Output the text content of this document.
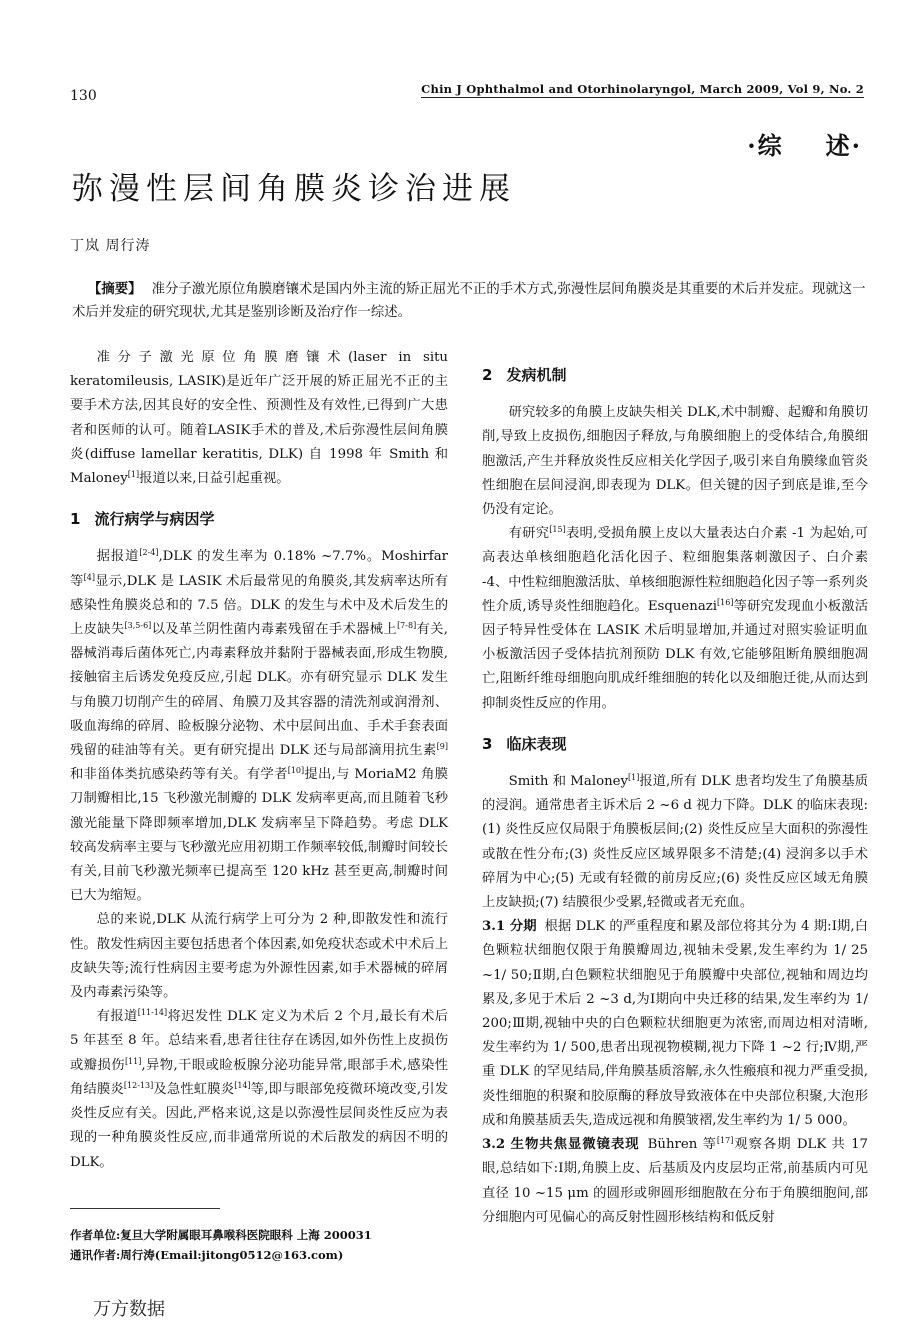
130	Chin J Ophthalmol and Otorhinolaryngol, March 2009, Vol 9, No. 2
·综 述·
弥漫性层间角膜炎诊治进展
丁岚 周行涛
【摘要】 准分子激光原位角膜磨镶术是国内外主流的矫正屈光不正的手术方式,弥漫性层间角膜炎是其重要的术后并发症。现就这一术后并发症的研究现状,尤其是鉴别诊断及治疗作一综述。

准分子激光原位角膜磨镶术(laser in situ keratomileusis, LASIK)是近年广泛开展的矫正屈光不正的主要手术方法,因其良好的安全性、预测性及有效性,已得到广大患者和医师的认可。随着LASIK手术的普及,术后弥漫性层间角膜炎(diffuse lamellar keratitis, DLK) 自 1998 年 Smith 和 Maloney[1]报道以来,日益引起重视。

1 流行病学与病因学

据报道[2-4],DLK 的发生率为 0.18% ~7.7%。Moshirfar 等[4]显示,DLK 是 LASIK 术后最常见的角膜炎,其发病率达所有感染性角膜炎总和的 7.5 倍。DLK 的发生与术中及术后发生的上皮缺失[3,5-6]以及革兰阴性菌内毒素残留在手术器械上[7-8]有关,器械消毒后菌体死亡,内毒素释放并黏附于器械表面,形成生物膜,接触宿主后诱发免疫反应,引起 DLK。亦有研究显示 DLK 发生与角膜刀切削产生的碎屑、角膜刀及其容器的清洗剂或润滑剂、吸血海绵的碎屑、睑板腺分泌物、术中层间出血、手术手套表面残留的硅油等有关。更有研究提出 DLK 还与局部滴用抗生素[9]和非甾体类抗感染药等有关。有学者[10]提出,与 MoriaM2 角膜刀制瓣相比,15 飞秒激光制瓣的 DLK 发病率更高,而且随着飞秒激光能量下降即频率增加,DLK 发病率呈下降趋势。考虑 DLK 较高发病率主要与飞秒激光应用初期工作频率较低,制瓣时间较长有关,目前飞秒激光频率已提高至 120 kHz 甚至更高,制瓣时间已大为缩短。

总的来说,DLK 从流行病学上可分为 2 种,即散发性和流行性。散发性病因主要包括患者个体因素,如免疫状态或术中术后上皮缺失等;流行性病因主要考虑为外源性因素,如手术器械的碎屑及内毒素污染等。

有报道[11-14]将迟发性 DLK 定义为术后 2 个月,最长有术后 5 年甚至 8 年。总结来看,患者往往存在诱因,如外伤性上皮损伤或瓣损伤[11],异物,干眼或睑板腺分泌功能异常,眼部手术,感染性角结膜炎[12-13]及急性虹膜炎[14]等,即与眼部免疫微环境改变,引发炎性反应有关。因此,严格来说,这是以弥漫性层间炎性反应为表现的一种角膜炎性反应,而非通常所说的术后散发的病因不明的 DLK。

2 发病机制

研究较多的角膜上皮缺失相关 DLK,术中制瓣、起瓣和角膜切削,导致上皮损伤,细胞因子释放,与角膜细胞上的受体结合,角膜细胞激活,产生并释放炎性反应相关化学因子,吸引来自角膜缘血管炎性细胞在层间浸润,即表现为 DLK。但关键的因子到底是谁,至今仍没有定论。

有研究[15]表明,受损角膜上皮以大量表达白介素 -1 为起始,可高表达单核细胞趋化活化因子、粒细胞集落刺激因子、白介素 -4、中性粒细胞激活肽、单核细胞源性粒细胞趋化因子等一系列炎性介质,诱导炎性细胞趋化。Esquenazi[16]等研究发现血小板激活因子特异性受体在 LASIK 术后明显增加,并通过对照实验证明血小板激活因子受体拮抗剂预防 DLK 有效,它能够阻断角膜细胞凋亡,阻断纤维母细胞向肌成纤维细胞的转化以及细胞迁徙,从而达到抑制炎性反应的作用。

3 临床表现

Smith 和 Maloney[1]报道,所有 DLK 患者均发生了角膜基质的浸润。通常患者主诉术后 2 ~6 d 视力下降。DLK 的临床表现:(1) 炎性反应仅局限于角膜板层间;(2) 炎性反应呈大面积的弥漫性或散在性分布;(3) 炎性反应区域界限多不清楚;(4) 浸润多以手术碎屑为中心;(5) 无或有轻微的前房反应;(6) 炎性反应区域无角膜上皮缺损;(7) 结膜很少受累,轻微或者无充血。

3.1 分期 根据 DLK 的严重程度和累及部位将其分为 4 期:Ⅰ期,白色颗粒状细胞仅限于角膜瓣周边,视轴未受累,发生率约为 1/ 25 ~1/ 50;Ⅱ期,白色颗粒状细胞见于角膜瓣中央部位,视轴和周边均累及,多见于术后 2 ~3 d,为Ⅰ期向中央迁移的结果,发生率约为 1/ 200;Ⅲ期,视轴中央的白色颗粒状细胞更为浓密,而周边相对清晰,发生率约为 1/ 500,患者出现视物模糊,视力下降 1 ~2 行;Ⅳ期,严重 DLK 的罕见结局,伴角膜基质溶解,永久性瘢痕和视力严重受损,炎性细胞的积聚和胶原酶的释放导致液体在中央部位积聚,大泡形成和角膜基质丢失,造成远视和角膜皱褶,发生率约为 1/ 5 000。

3.2 生物共焦显微镜表现 Bühren 等[17]观察各期 DLK 共 17 眼,总结如下:Ⅰ期,角膜上皮、后基质及内皮层均正常,前基质内可见直径 10 ~15 μm 的圆形或卵圆形细胞散在分布于角膜细胞间,部分细胞内可见偏心的高反射性圆形核结构和低反射

作者单位:复旦大学附属眼耳鼻喉科医院眼科 上海 200031
通讯作者:周行涛(Email:jitong0512@163.com)
万方数据
